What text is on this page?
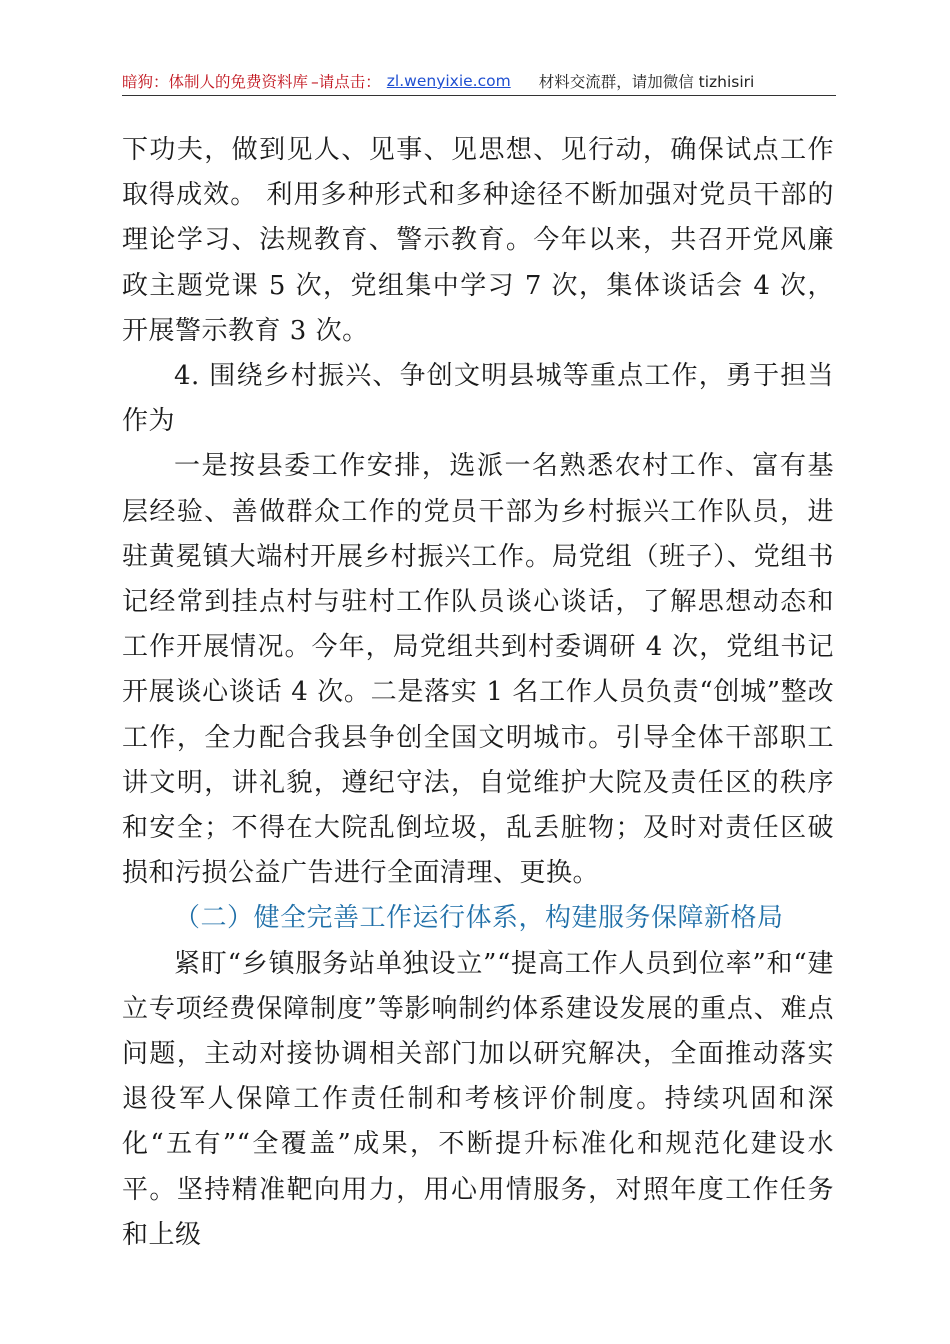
暗狗：体制人的免费资料库 –请点击： zl.wenyixie.com 材料交流群，请加微信 tizhisiri

下功夫，做到见人、见事、见思想、见行动，确保试点工作取得成效。 利用多种形式和多种途径不断加强对党员干部的理论学习、法规教育、警示教育。今年以来，共召开党风廉政主题党课 5 次，党组集中学习 7 次，集体谈话会 4 次，开展警示教育 3 次。

4. 围绕乡村振兴、争创文明县城等重点工作，勇于担当作为

一是按县委工作安排，选派一名熟悉农村工作、富有基层经验、善做群众工作的党员干部为乡村振兴工作队员，进驻黄冕镇大端村开展乡村振兴工作。局党组（班子）、党组书记经常到挂点村与驻村工作队员谈心谈话，了解思想动态和工作开展情况。今年，局党组共到村委调研 4 次，党组书记开展谈心谈话 4 次。二是落实 1 名工作人员负责“创城”整改工作，全力配合我县争创全国文明城市。引导全体干部职工讲文明，讲礼貌，遵纪守法，自觉维护大院及责任区的秩序和安全；不得在大院乱倒垃圾，乱丢脏物；及时对责任区破损和污损公益广告进行全面清理、更换。

（二）健全完善工作运行体系，构建服务保障新格局

紧盯“乡镇服务站单独设立”“提高工作人员到位率”和“建立专项经费保障制度”等影响制约体系建设发展的重点、难点问题，主动对接协调相关部门加以研究解决，全面推动落实退役军人保障工作责任制和考核评价制度。持续巩固和深化“五有”“全覆盖”成果，不断提升标准化和规范化建设水平。坚持精准靶向用力，用心用情服务，对照年度工作任务和上级
